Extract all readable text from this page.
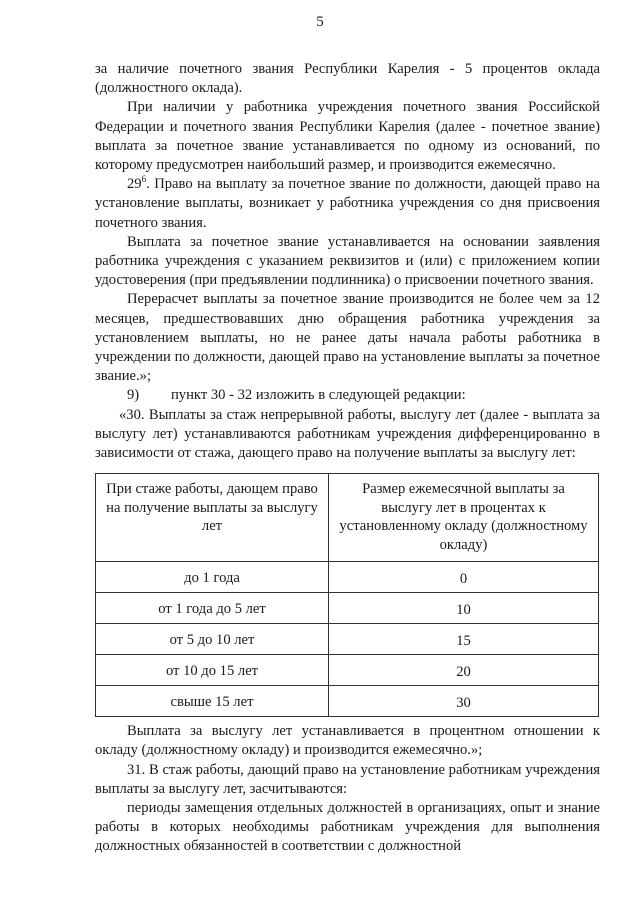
5

за наличие почетного звания Республики Карелия - 5 процентов оклада (должностного оклада).

При наличии у работника учреждения почетного звания Российской Федерации и почетного звания Республики Карелия (далее - почетное звание) выплата за почетное звание устанавливается по одному из оснований, по которому предусмотрен наибольший размер, и производится ежемесячно.

$29^6$. Право на выплату за почетное звание по должности, дающей право на установление выплаты, возникает у работника учреждения со дня присвоения почетного звания.

Выплата за почетное звание устанавливается на основании заявления работника учреждения с указанием реквизитов и (или) с приложением копии удостоверения (при предъявлении подлинника) о присвоении почетного звания.

Перерасчет выплаты за почетное звание производится не более чем за 12 месяцев, предшествовавших дню обращения работника учреждения за установлением выплаты, но не ранее даты начала работы работника в учреждении по должности, дающей право на установление выплаты за почетное звание.»;

9)	пункт 30 - 32 изложить в следующей редакции:

«30. Выплаты за стаж непрерывной работы, выслугу лет (далее - выплата за выслугу лет) устанавливаются работникам учреждения дифференцированно в зависимости от стажа, дающего право на получение выплаты за выслугу лет:

При стаже работы, дающем право на получение выплаты за выслугу лет	Размер ежемесячной выплаты за выслугу лет в процентах к установленному окладу (должностному окладу)
до 1 года	0
от 1 года до 5 лет	10
от 5 до 10 лет	15
от 10 до 15 лет	20
свыше 15 лет	30

Выплата за выслугу лет устанавливается в процентном отношении к окладу (должностному окладу) и производится ежемесячно.»;

31. В стаж работы, дающий право на установление работникам учреждения выплаты за выслугу лет, засчитываются:

периоды замещения отдельных должностей в организациях, опыт и знание работы в которых необходимы работникам учреждения для выполнения должностных обязанностей в соответствии с должностной
